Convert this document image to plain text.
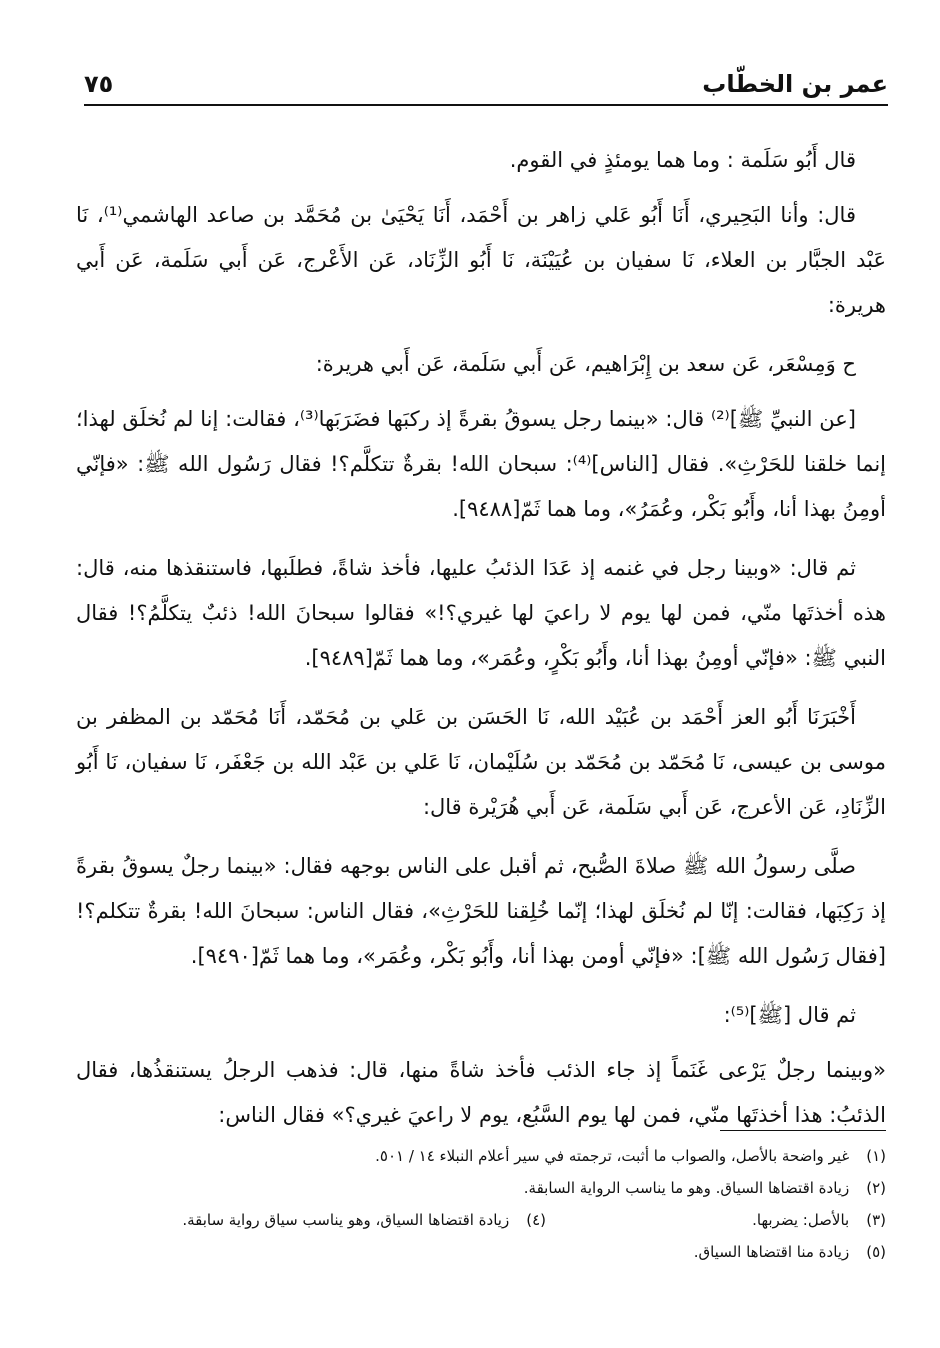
عمر بن الخطّاب
٧٥

قال أَبُو سَلَمة : وما هما يومئذٍ في القوم.

قال: وأنا البَحِيري، أَنَا أَبُو عَلي زاهر بن أَحْمَد، أَنَا يَحْيَىٰ بن مُحَمَّد بن صاعد الهاشمي⁽¹⁾، نَا عَبْد الجبَّار بن العلاء، نَا سفيان بن عُيَيْنَة، نَا أَبُو الزِّنَاد، عَن الأَعْرج، عَن أَبي سَلَمة، عَن أَبي هريرة:

ح وَمِسْعَر، عَن سعد بن إِبْرَاهيم، عَن أَبي سَلَمة، عَن أَبي هريرة:

[عن النبيِّ ﷺ]⁽²⁾ قال: «بينما رجل يسوقُ بقرةً إذ ركبَها فضَرَبَها⁽³⁾، فقالت: إنا لم نُخلَق لهذا؛ إنما خلقنا للحَرْثِ». فقال [الناس]⁽⁴⁾: سبحان الله! بقرةٌ تتكلَّم؟! فقال رَسُول الله ﷺ: «فإنّي أومِنُ بهذا أنا، وأَبُو بَكْر، وعُمَرُ»، وما هما ثَمّ[٩٤٨٨].

ثم قال: «وبينا رجل في غنمه إذ عَدَا الذئبُ عليها، فأخذ شاةً، فطلَبها، فاستنقذها منه، قال: هذه أخذتَها منّي، فمن لها يوم لا راعيَ لها غيري؟!» فقالوا سبحانَ الله! ذئبٌ يتكلَّمُ؟! فقال النبي ﷺ: «فإنّي أومِنُ بهذا أنا، وأَبُو بَكْرٍ، وعُمَر»، وما هما ثَمّ[٩٤٨٩].

أَخْبَرَنَا أَبُو العز أَحْمَد بن عُبَيْد الله، نَا الحَسَن بن عَلي بن مُحَمّد، أَنَا مُحَمّد بن المظفر بن موسى بن عيسى، نَا مُحَمّد بن مُحَمّد بن سُلَيْمان، نَا عَلي بن عَبْد الله بن جَعْفَر، نَا سفيان، نَا أَبُو الزِّنَادِ، عَن الأعرج، عَن أَبي سَلَمة، عَن أَبي هُرَيْرة قال:

صلَّى رسولُ الله ﷺ صلاةَ الصُّبح، ثم أقبل على الناس بوجهه فقال: «بينما رجلٌ يسوقُ بقرةً إذ رَكِبَها، فقالت: إنّا لم نُخلَق لهذا؛ إنّما خُلِقنا للحَرْثِ»، فقال الناس: سبحانَ الله! بقرةٌ تتكلم؟! [فقال رَسُول الله ﷺ]: «فإنّي أومن بهذا أنا، وأَبُو بَكْر، وعُمَر»، وما هما ثَمّ[٩٤٩٠].

ثم قال [ﷺ]⁽⁵⁾:

«وبينما رجلٌ يَرْعى غَنَماً إذ جاء الذئب فأخذ شاةً منها، قال: فذهب الرجلُ يستنقذُها، فقال الذئبُ: هذا أخذتَها منّي، فمن لها يوم السَّبُع، يوم لا راعيَ غيري؟» فقال الناس:

(١) غير واضحة بالأصل، والصواب ما أثبت، ترجمته في سير أعلام النبلاء ١٤ / ٥٠١.

(٢) زيادة اقتضاها السياق. وهو ما يناسب الرواية السابقة.

(٣) بالأصل: يضربها.
(٤) زيادة اقتضاها السياق، وهو يناسب سياق رواية سابقة.

(٥) زيادة منا اقتضاها السياق.
